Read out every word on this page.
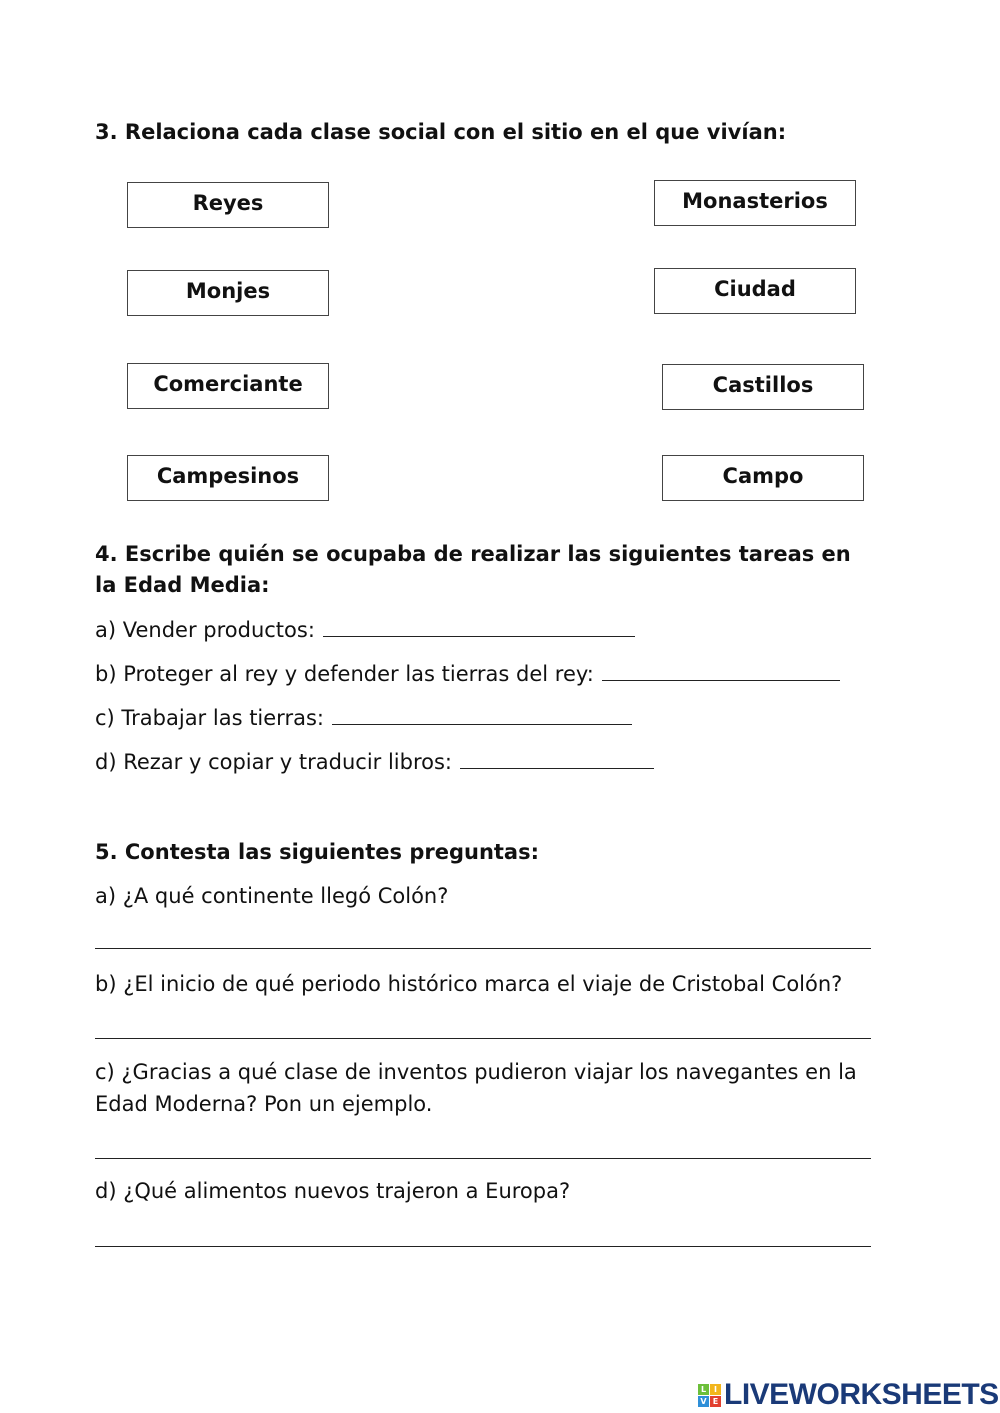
3. Relaciona cada clase social con el sitio en el que vivían:
Reyes
Monjes
Comerciante
Campesinos
Monasterios
Ciudad
Castillos
Campo
4. Escribe quién se ocupaba de realizar las siguientes tareas en
la Edad Media:
a) Vender productos:
b) Proteger al rey y defender las tierras del rey:
c) Trabajar las tierras:
d) Rezar y copiar y traducir libros:
5. Contesta las siguientes preguntas:
a) ¿A qué continente llegó Colón?
b) ¿El inicio de qué periodo histórico marca el viaje de Cristobal Colón?
c) ¿Gracias a qué clase de inventos pudieron viajar los navegantes en la
Edad Moderna? Pon un ejemplo.
d) ¿Qué alimentos nuevos trajeron a Europa?
L I
V E LIVEWORKSHEETS
